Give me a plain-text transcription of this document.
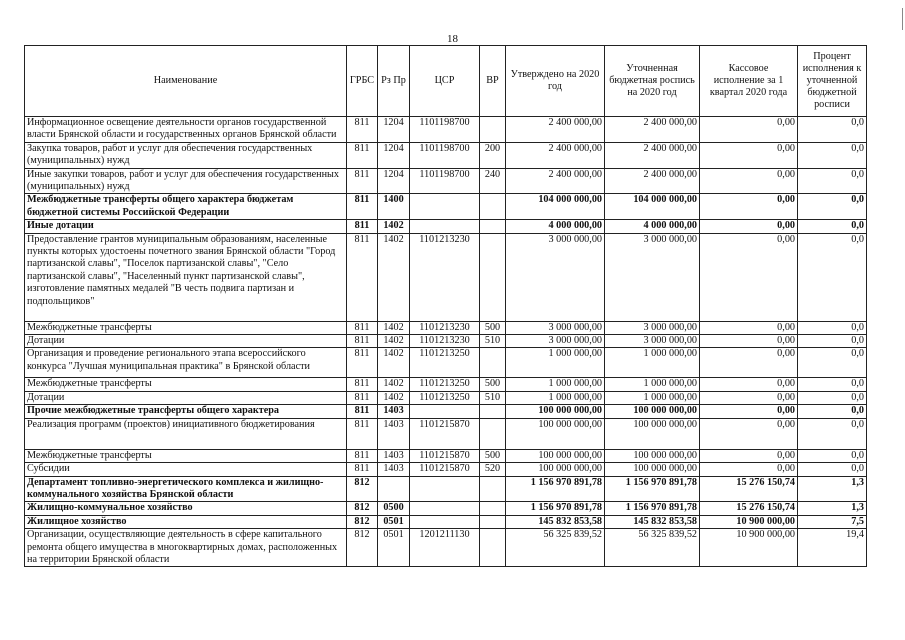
18
Наименование	ГРБС	Рз Пр	ЦСР	ВР	Утверждено на 2020 год	Уточненная бюджетная роспись на 2020 год	Кассовое исполнение за 1 квартал 2020 года	Процент исполнения к уточненной бюджетной росписи
Информационное освещение деятельности органов государственной власти Брянской области и государственных органов Брянской области	811	1204	1101198700		2 400 000,00	2 400 000,00	0,00	0,0
Закупка товаров, работ и услуг для обеспечения государственных (муниципальных) нужд	811	1204	1101198700	200	2 400 000,00	2 400 000,00	0,00	0,0
Иные закупки товаров, работ и услуг для обеспечения государственных (муниципальных) нужд	811	1204	1101198700	240	2 400 000,00	2 400 000,00	0,00	0,0
Межбюджетные трансферты общего характера бюджетам бюджетной системы Российской Федерации	811	1400			104 000 000,00	104 000 000,00	0,00	0,0
Иные дотации	811	1402			4 000 000,00	4 000 000,00	0,00	0,0
Предоставление грантов муниципальным образованиям, населенные пункты которых удостоены почетного звания Брянской области "Город партизанской славы", "Поселок партизанской славы", "Село партизанской славы", "Населенный пункт партизанской славы", изготовление памятных медалей "В честь подвига партизан и подпольщиков"	811	1402	1101213230		3 000 000,00	3 000 000,00	0,00	0,0
Межбюджетные трансферты	811	1402	1101213230	500	3 000 000,00	3 000 000,00	0,00	0,0
Дотации	811	1402	1101213230	510	3 000 000,00	3 000 000,00	0,00	0,0
Организация и проведение регионального этапа всероссийского конкурса "Лучшая муниципальная практика" в Брянской области	811	1402	1101213250		1 000 000,00	1 000 000,00	0,00	0,0
Межбюджетные трансферты	811	1402	1101213250	500	1 000 000,00	1 000 000,00	0,00	0,0
Дотации	811	1402	1101213250	510	1 000 000,00	1 000 000,00	0,00	0,0
Прочие межбюджетные трансферты общего характера	811	1403			100 000 000,00	100 000 000,00	0,00	0,0
Реализация программ (проектов) инициативного бюджетирования	811	1403	1101215870		100 000 000,00	100 000 000,00	0,00	0,0
Межбюджетные трансферты	811	1403	1101215870	500	100 000 000,00	100 000 000,00	0,00	0,0
Субсидии	811	1403	1101215870	520	100 000 000,00	100 000 000,00	0,00	0,0
Департамент топливно-энергетического комплекса и жилищно-коммунального хозяйства Брянской области	812				1 156 970 891,78	1 156 970 891,78	15 276 150,74	1,3
Жилищно-коммунальное хозяйство	812	0500			1 156 970 891,78	1 156 970 891,78	15 276 150,74	1,3
Жилищное хозяйство	812	0501			145 832 853,58	145 832 853,58	10 900 000,00	7,5
Организации, осуществляющие деятельность в сфере капитального ремонта общего имущества в многоквартирных домах, расположенных на территории Брянской области	812	0501	1201211130		56 325 839,52	56 325 839,52	10 900 000,00	19,4
